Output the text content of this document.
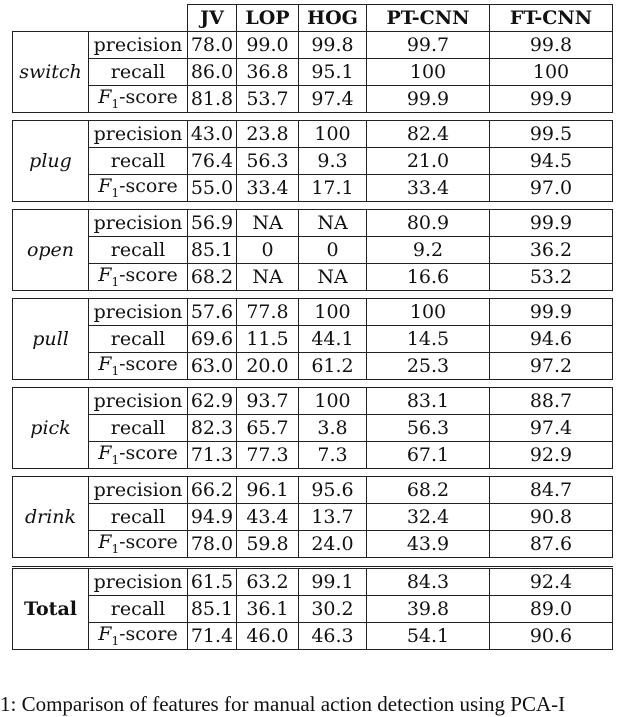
		JV	LOP	HOG	PT-CNN	FT-CNN
switch	precision	78.0	99.0	99.8	99.7	99.8
	recall	86.0	36.8	95.1	100	100
	$F_1$-score	81.8	53.7	97.4	99.9	99.9

plug	precision	43.0	23.8	100	82.4	99.5
	recall	76.4	56.3	9.3	21.0	94.5
	$F_1$-score	55.0	33.4	17.1	33.4	97.0

open	precision	56.9	NA	NA	80.9	99.9
	recall	85.1	0	0	9.2	36.2
	$F_1$-score	68.2	NA	NA	16.6	53.2

pull	precision	57.6	77.8	100	100	99.9
	recall	69.6	11.5	44.1	14.5	94.6
	$F_1$-score	63.0	20.0	61.2	25.3	97.2

pick	precision	62.9	93.7	100	83.1	88.7
	recall	82.3	65.7	3.8	56.3	97.4
	$F_1$-score	71.3	77.3	7.3	67.1	92.9

drink	precision	66.2	96.1	95.6	68.2	84.7
	recall	94.9	43.4	13.7	32.4	90.8
	$F_1$-score	78.0	59.8	24.0	43.9	87.6

Total	precision	61.5	63.2	99.1	84.3	92.4
	recall	85.1	36.1	30.2	39.8	89.0
	$F_1$-score	71.4	46.0	46.3	54.1	90.6
1: Comparison of features for manual action detection using PCA-I
